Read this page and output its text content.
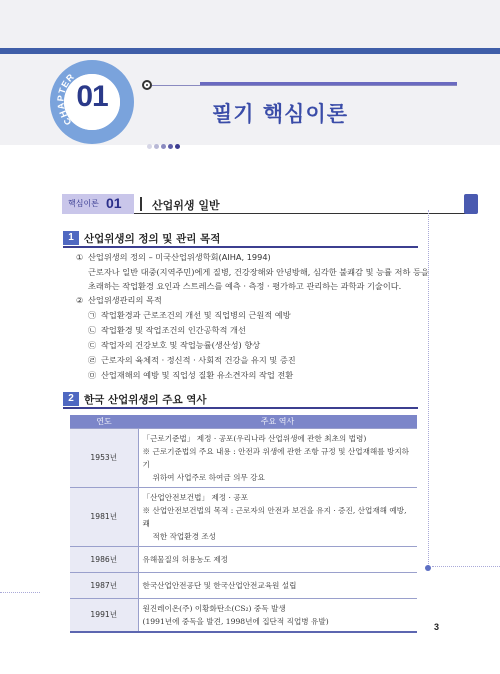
CHAPTER
01
필기 핵심이론
핵심이론 01	산업위생 일반
1 산업위생의 정의 및 관리 목적
① 산업위생의 정의 – 미국산업위생학회(AIHA, 1994)
근로자나 일반 대중(지역주민)에게 질병, 건강장해와 안녕방해, 심각한 불쾌감 및 능률 저하 등을
초래하는 작업환경 요인과 스트레스를 예측 · 측정 · 평가하고 관리하는 과학과 기술이다.
② 산업위생관리의 목적
㉠ 작업환경과 근로조건의 개선 및 직업병의 근원적 예방
㉡ 작업환경 및 작업조건의 인간공학적 개선
㉢ 작업자의 건강보호 및 작업능률(생산성) 향상
㉣ 근로자의 육체적 · 정신적 · 사회적 건강을 유지 및 증진
㉤ 산업재해의 예방 및 직업성 질환 유소견자의 작업 전환
2 한국 산업위생의 주요 역사
연도	주요 역사
1953년	「근로기준법」 제정 · 공포(우리나라 산업위생에 관한 최초의 법령)
※ 근로기준법의 주요 내용 : 안전과 위생에 관한 조항 규정 및 산업재해를 방지하기
위하여 사업주로 하여금 의무 강요

1981년	「산업안전보건법」 제정 · 공포
※ 산업안전보건법의 목적 : 근로자의 안전과 보건을 유지 · 증진, 산업재해 예방, 쾌
적한 작업환경 조성

1986년	유해물질의 허용농도 제정

1987년	한국산업안전공단 및 한국산업안전교육원 설립

1991년	원진레이온(주) 이황화탄소(CS₂) 중독 발생
(1991년에 중독을 발견, 1998년에 집단적 직업병 유발)
3
